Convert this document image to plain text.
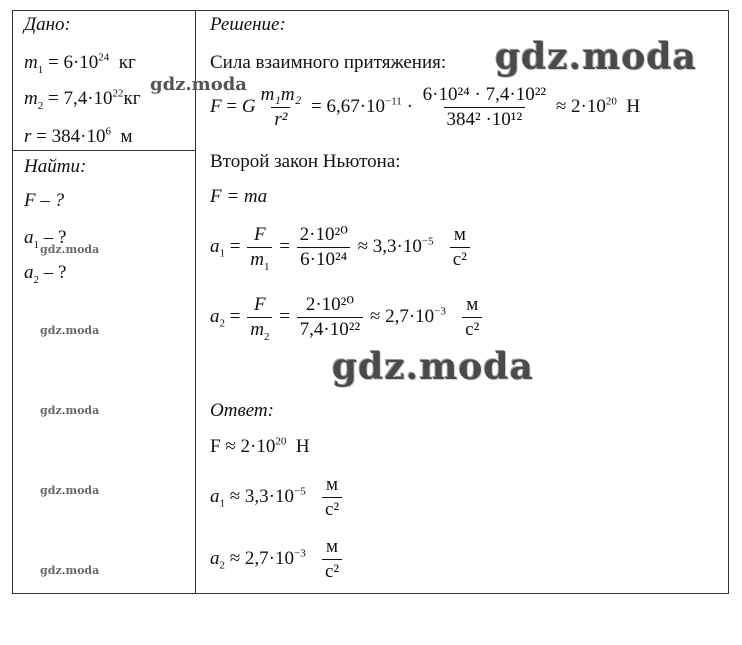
Дано:
$m_1 = 6\cdot 10^{24}$ кг
$m_2 = 7,4\cdot 10^{22}кг$
$r = 384\cdot 10^6$ м
Найти:
F – ?
$a_1$ – ?
$a_2$ – ?
Решение:
Сила взаимного притяжения:
F = G $\frac{\text{m₁m₂}}{\text{r²}} = 6,67\cdot 10^{-11} \cdot \frac{\text{6·10²⁴ · 7,4·10²²}}{\text{384² ·10¹²}} \approx 2\cdot 10^{20}$ Н
Второй закон Ньютона:
F = ma
$a_1 = \frac{F}{m_1} = \frac{\text{2·10²⁰}}{\text{6·10²⁴}} \approx 3,3\cdot 10^{-5} \frac{м}{\text{с²}}$
$a_2 = \frac{F}{m_2} = \frac{\text{2·10²⁰}}{\text{7,4·10²²}} \approx 2,7\cdot 10^{-3} \frac{м}{\text{с²}}$
Ответ:
$F \approx 2\cdot 10^{20}$ Н
$a_1 \approx 3,3\cdot 10^{-5} \frac{м}{\text{с²}}$
$a_2 \approx 2,7\cdot 10^{-3} \frac{м}{\text{с²}}$
gdz.moda
gdz.moda
gdz.moda
gdz.moda
gdz.moda
gdz.moda
gdz.moda
gdz.moda
